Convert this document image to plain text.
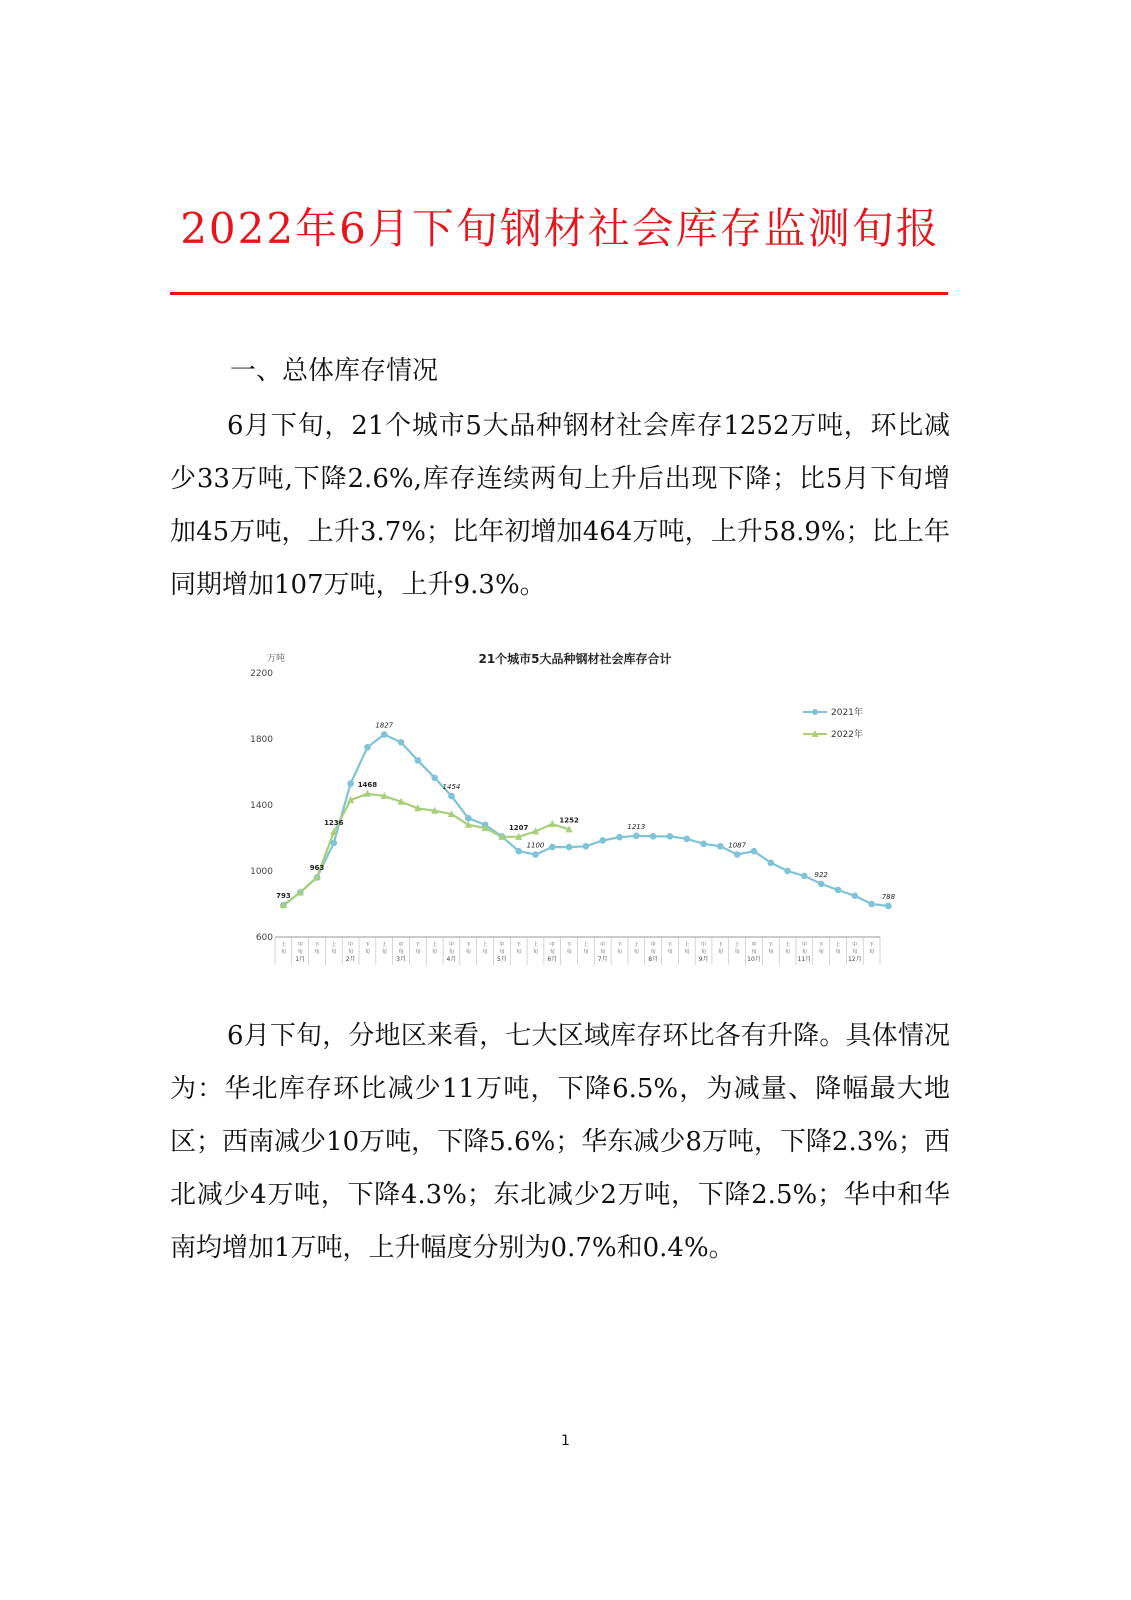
2022年6月下旬钢材社会库存监测旬报
一、总体库存情况

6月下旬，21个城市5大品种钢材社会库存1252万吨，环比减少33万吨,下降2.6%,库存连续两旬上升后出现下降；比5月下旬增加45万吨，上升3.7%；比年初增加464万吨，上升58.9%；比上年同期增加107万吨，上升9.3%。

21个城市5大品种钢材社会库存合计
万吨
600
1000
1400
1800
2200
上
旬
中
旬
下
旬
上
旬
中
旬
下
旬
上
旬
中
旬
下
旬
上
旬
中
旬
下
旬
上
旬
中
旬
下
旬
上
旬
中
旬
下
旬
上
旬
中
旬
下
旬
上
旬
中
旬
下
旬
上
旬
中
旬
下
旬
上
旬
中
旬
下
旬
上
旬
中
旬
下
旬
上
旬
中
旬
下
旬
1月	2月	3月	4月	5月	6月	7月	8月	9月	10月	11月	12月
1827
1454
1100
1213
1087
922
788
793
963
1236
1468
1207
1252
2021年
2022年

6月下旬，分地区来看，七大区域库存环比各有升降。具体情况为：华北库存环比减少11万吨，下降6.5%，为减量、降幅最大地区；西南减少10万吨，下降5.6%；华东减少8万吨，下降2.3%；西北减少4万吨，下降4.3%；东北减少2万吨，下降2.5%；华中和华南均增加1万吨，上升幅度分别为0.7%和0.4%。

1
